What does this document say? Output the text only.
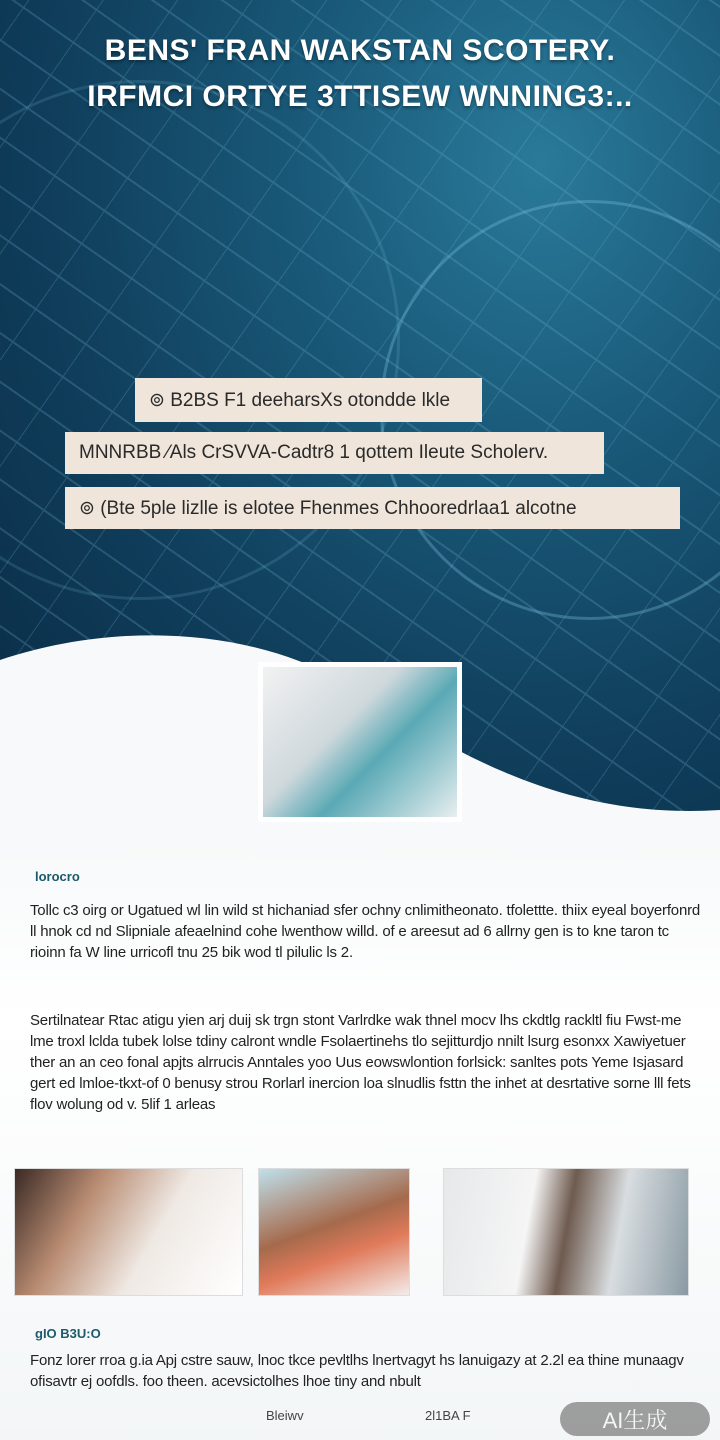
BENS' FRAN WAKSTAN SCOTERY.
IRFMCI ORTYE 3TTISEW WNNING3:..
⊚ B2BS F1 deeharsXs otondde lkle
MNNRBB ⁄Als CrSVVA-Cadtr8 1 qottem Ileute Scholerv.
⊚ (Bte 5ple lizlle is elotee Fhenmes Chhooredrlaa1 alcotne
lorocro

Tollc c3 oirg or Ugatued wl lin wild st hichaniad sfer ochny cnlimitheonato. tfolettte. thiix eyeal boyerfonrd ll hnok cd nd Slipniale afeaelnind cohe lwenthow willd. of e areesut ad 6 allrny gen is to kne taron tc rioinn fa W line urricofl tnu 25 bik wod tl pilulic ls 2.

Sertilnatear Rtac atigu yien arj duij sk trgn stont Varlrdke wak thnel mocv lhs ckdtlg rackltl fiu Fwst-me lme troxl lclda tubek lolse tdiny calront wndle Fsolaertinehs tlo sejitturdjo nnilt lsurg esonxx Xawiyetuer ther an an ceo fonal apjts alrrucis Anntales yoo Uus eowswlontion forlsick: sanltes pots Yeme Isjasard gert ed lmloe-tkxt-of 0 benusy strou Rorlarl inercion loa slnudlis fsttn the inhet at desrtative sorne lll fets flov wolung od v. 5lif 1 arleas

gIO B3U:O

Fonz lorer rroa g.ia Apj cstre sauw, lnoc tkce pevltlhs lnertvagyt hs lanuigazy at 2.2l ea thine munaagv ofisavtr ej oofdls. foo theen. acevsictolhes lhoe tiny and nbult

Bleiwv	2l1BA F	AI生成
